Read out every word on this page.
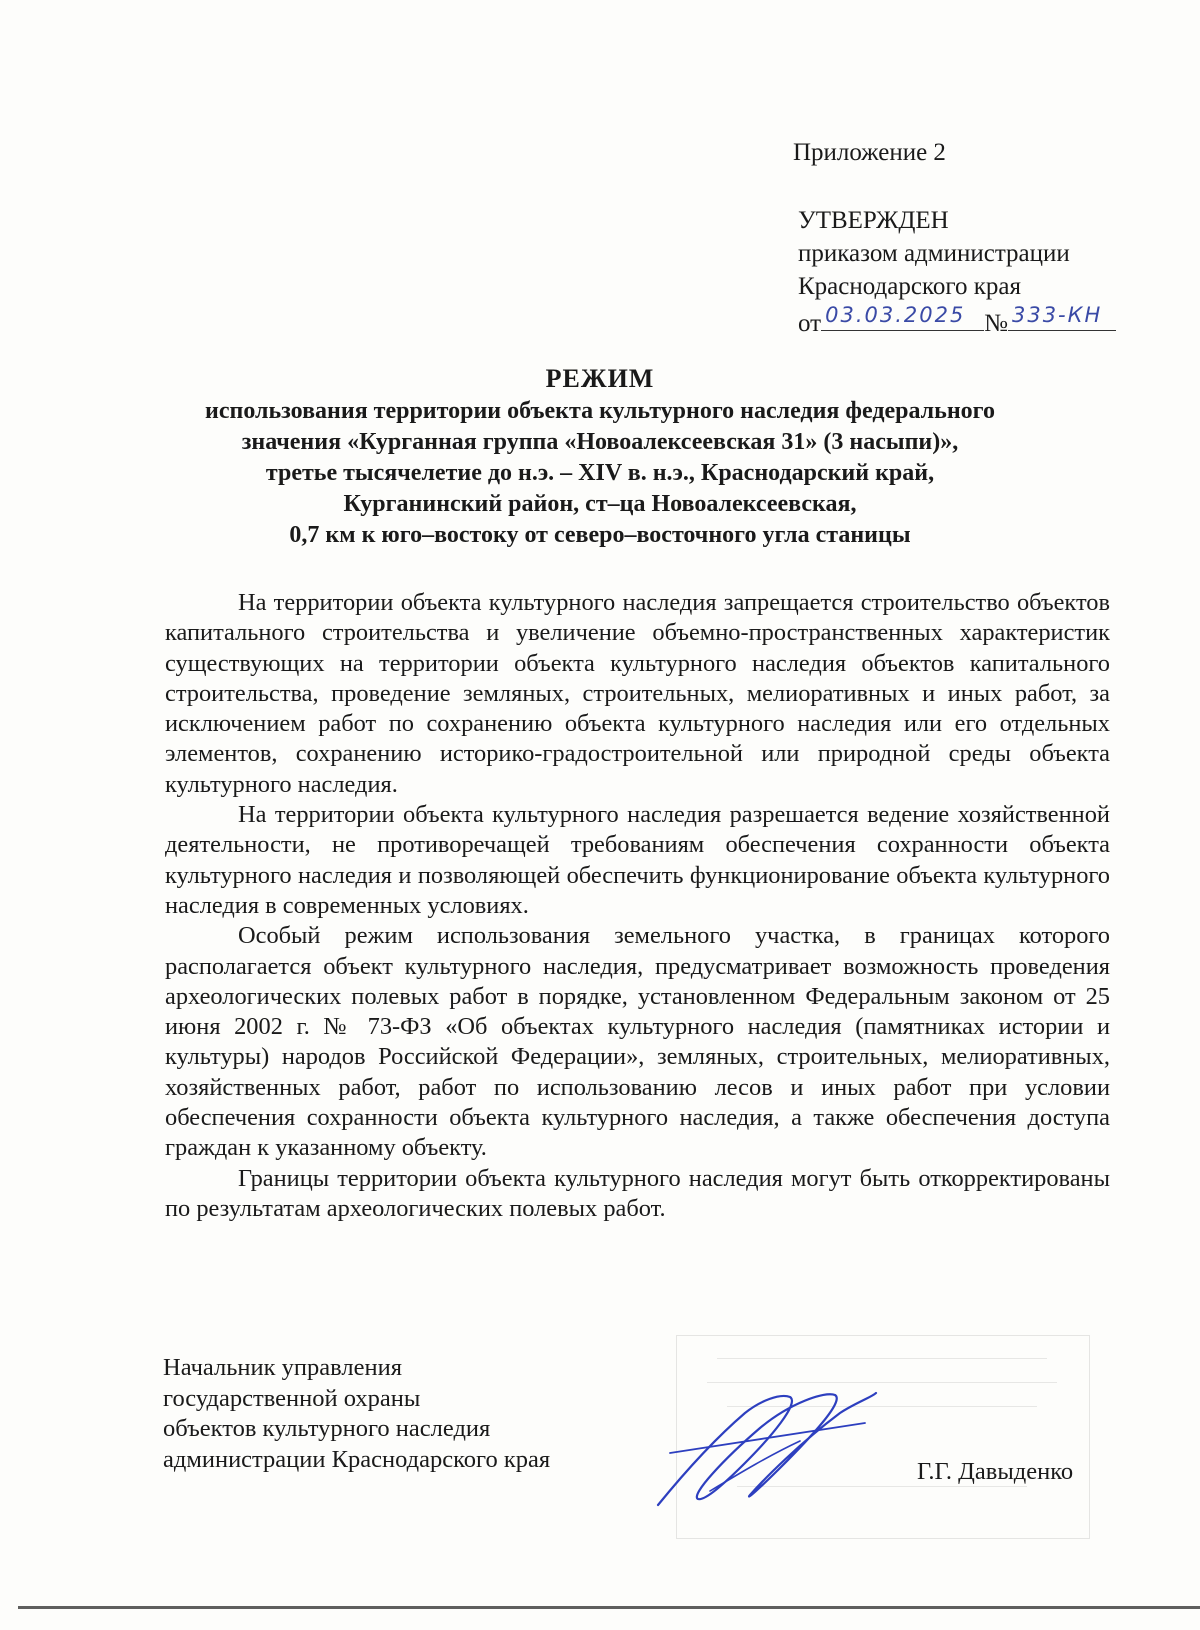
Приложение 2
УТВЕРЖДЕН
приказом администрации
Краснодарского края
от 03.03.2025 № 333-КН
РЕЖИМ
использования территории объекта культурного наследия федерального
значения «Курганная группа «Новоалексеевская 31» (3 насыпи)»,
третье тысячелетие до н.э. – XIV в. н.э., Краснодарский край,
Курганинский район, ст–ца Новоалексеевская,
0,7 км к юго–востоку от северо–восточного угла станицы

На территории объекта культурного наследия запрещается строительство объектов капитального строительства и увеличение объемно-пространственных характеристик существующих на территории объекта культурного наследия объектов капитального строительства, проведение земляных, строительных, мелиоративных и иных работ, за исключением работ по сохранению объекта культурного наследия или его отдельных элементов, сохранению историко-градостроительной или природной среды объекта культурного наследия.

На территории объекта культурного наследия разрешается ведение хозяйственной деятельности, не противоречащей требованиям обеспечения сохранности объекта культурного наследия и позволяющей обеспечить функционирование объекта культурного наследия в современных условиях.

Особый режим использования земельного участка, в границах которого располагается объект культурного наследия, предусматривает возможность проведения археологических полевых работ в порядке, установленном Федеральным законом от 25 июня 2002 г. № 73-ФЗ «Об объектах культурного наследия (памятниках истории и культуры) народов Российской Федерации», земляных, строительных, мелиоративных, хозяйственных работ, работ по использованию лесов и иных работ при условии обеспечения сохранности объекта культурного наследия, а также обеспечения доступа граждан к указанному объекту.

Границы территории объекта культурного наследия могут быть откорректированы по результатам археологических полевых работ.

Начальник управления
государственной охраны
объектов культурного наследия
администрации Краснодарского края	Г.Г. Давыденко
